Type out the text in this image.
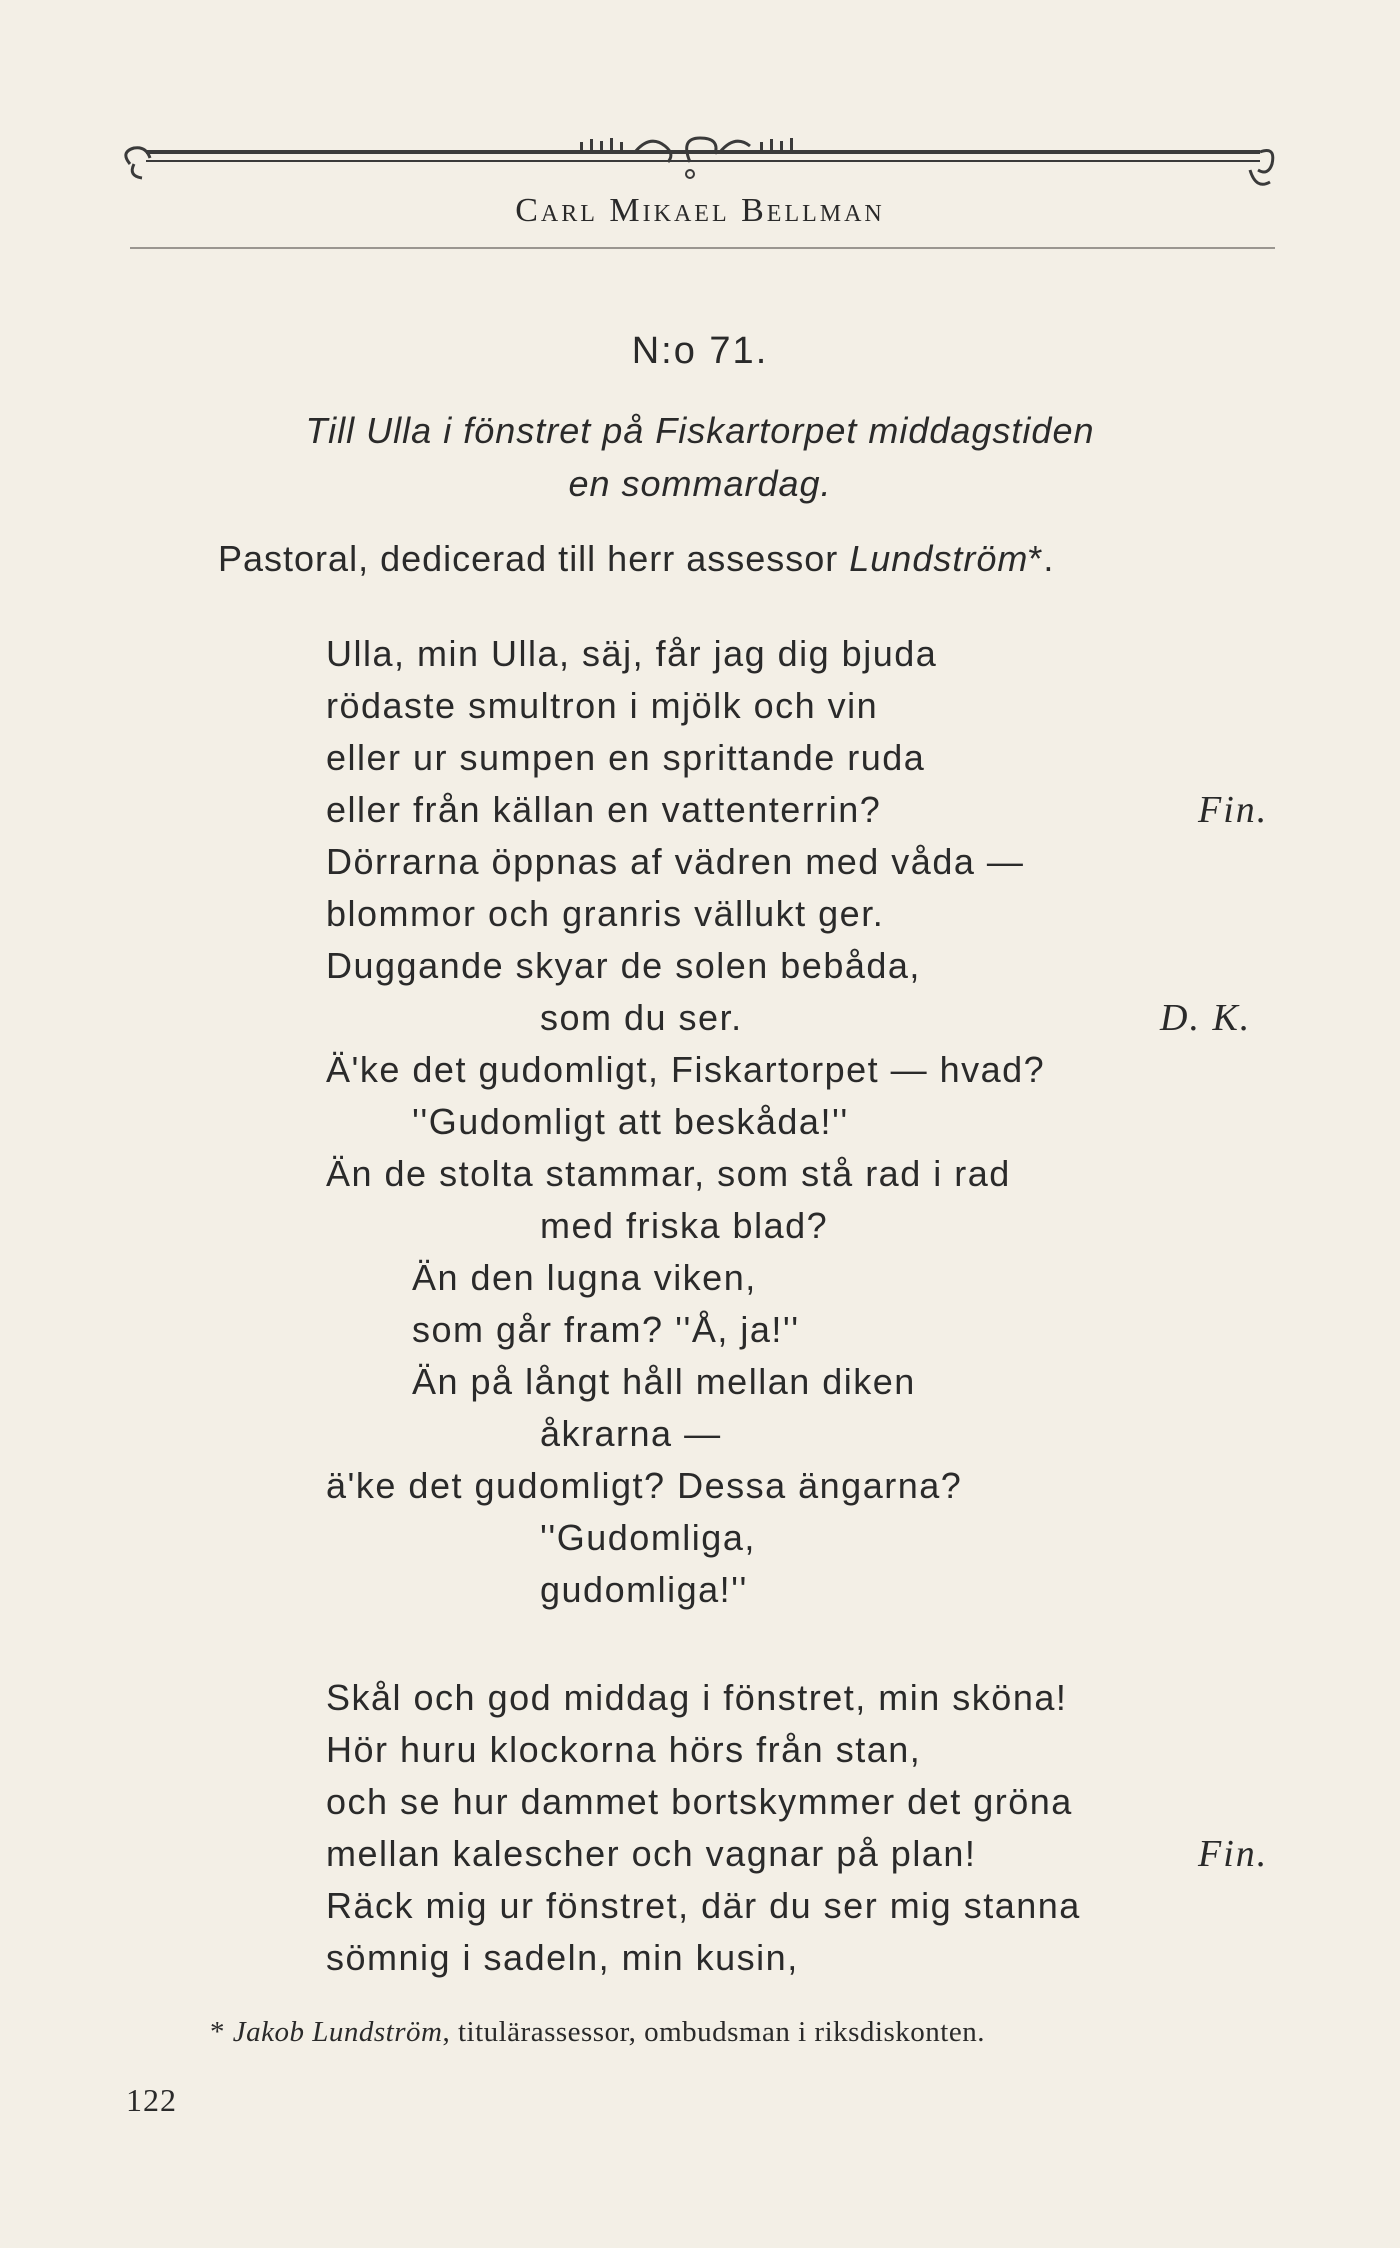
Carl Mikael Bellman
N:o 71.
Till Ulla i fönstret på Fiskartorpet middagstiden
en sommardag.
Pastoral, dedicerad till herr assessor Lundström*.
Ulla, min Ulla, säj, får jag dig bjuda
rödaste smultron i mjölk och vin
eller ur sumpen en sprittande ruda
eller från källan en vattenterrin?
Dörrarna öppnas af vädren med våda —
blommor och granris vällukt ger.
Duggande skyar de solen bebåda,
som du ser.
Ä'ke det gudomligt, Fiskartorpet — hvad?
''Gudomligt att beskåda!''
Än de stolta stammar, som stå rad i rad
med friska blad?
Än den lugna viken,
som går fram? ''Å, ja!''
Än på långt håll mellan diken
åkrarna —
ä'ke det gudomligt? Dessa ängarna?
''Gudomliga,
gudomliga!''
Skål och god middag i fönstret, min sköna!
Hör huru klockorna hörs från stan,
och se hur dammet bortskymmer det gröna
mellan kalescher och vagnar på plan!
Räck mig ur fönstret, där du ser mig stanna
sömnig i sadeln, min kusin,
Fin.
D. K.
Fin.
* Jakob Lundström, titulärassessor, ombudsman i riksdiskonten.
122
